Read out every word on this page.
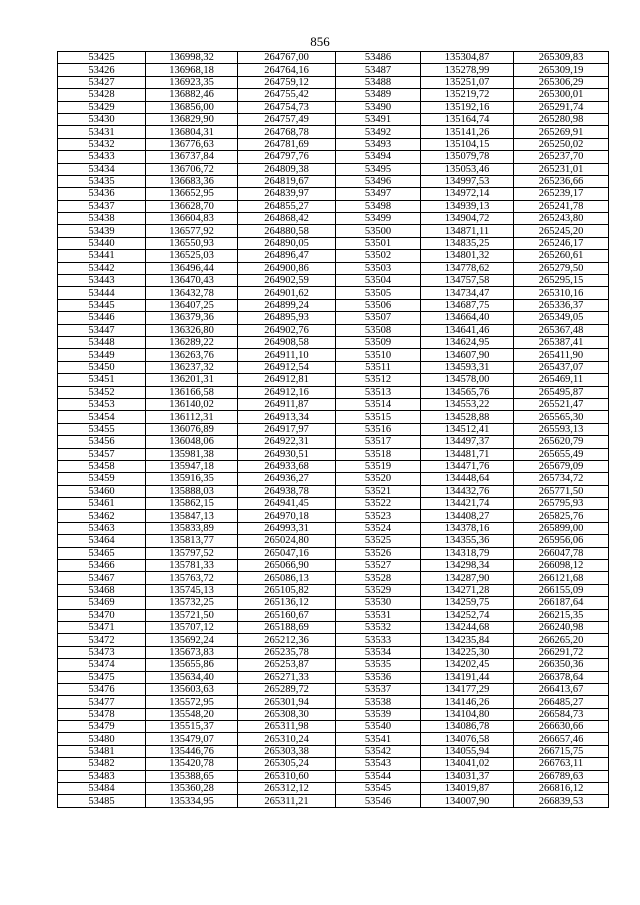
856
53425	136998,32	264767,00	53486	135304,87	265309,83
53426	136968,18	264764,16	53487	135278,99	265309,19
53427	136923,35	264759,12	53488	135251,07	265306,29
53428	136882,46	264755,42	53489	135219,72	265300,01
53429	136856,00	264754,73	53490	135192,16	265291,74
53430	136829,90	264757,49	53491	135164,74	265280,98
53431	136804,31	264768,78	53492	135141,26	265269,91
53432	136776,63	264781,69	53493	135104,15	265250,02
53433	136737,84	264797,76	53494	135079,78	265237,70
53434	136706,72	264809,38	53495	135053,46	265231,01
53435	136683,36	264819,67	53496	134997,53	265236,66
53436	136652,95	264839,97	53497	134972,14	265239,17
53437	136628,70	264855,27	53498	134939,13	265241,78
53438	136604,83	264868,42	53499	134904,72	265243,80
53439	136577,92	264880,58	53500	134871,11	265245,20
53440	136550,93	264890,05	53501	134835,25	265246,17
53441	136525,03	264896,47	53502	134801,32	265260,61
53442	136496,44	264900,86	53503	134778,62	265279,50
53443	136470,43	264902,59	53504	134757,58	265295,15
53444	136432,78	264901,62	53505	134734,47	265310,16
53445	136407,25	264899,24	53506	134687,75	265336,37
53446	136379,36	264895,93	53507	134664,40	265349,05
53447	136326,80	264902,76	53508	134641,46	265367,48
53448	136289,22	264908,58	53509	134624,95	265387,41
53449	136263,76	264911,10	53510	134607,90	265411,90
53450	136237,32	264912,54	53511	134593,31	265437,07
53451	136201,31	264912,81	53512	134578,00	265469,11
53452	136166,58	264912,16	53513	134565,76	265495,87
53453	136140,02	264911,87	53514	134553,22	265521,47
53454	136112,31	264913,34	53515	134528,88	265565,30
53455	136076,89	264917,97	53516	134512,41	265593,13
53456	136048,06	264922,31	53517	134497,37	265620,79
53457	135981,38	264930,51	53518	134481,71	265655,49
53458	135947,18	264933,68	53519	134471,76	265679,09
53459	135916,35	264936,27	53520	134448,64	265734,72
53460	135888,03	264938,78	53521	134432,76	265771,50
53461	135862,15	264941,45	53522	134421,74	265795,93
53462	135847,13	264970,18	53523	134408,27	265825,76
53463	135833,89	264993,31	53524	134378,16	265899,00
53464	135813,77	265024,80	53525	134355,36	265956,06
53465	135797,52	265047,16	53526	134318,79	266047,78
53466	135781,33	265066,90	53527	134298,34	266098,12
53467	135763,72	265086,13	53528	134287,90	266121,68
53468	135745,13	265105,82	53529	134271,28	266155,09
53469	135732,25	265136,12	53530	134259,75	266187,64
53470	135721,50	265160,67	53531	134252,74	266215,35
53471	135707,12	265188,69	53532	134244,68	266240,98
53472	135692,24	265212,36	53533	134235,84	266265,20
53473	135673,83	265235,78	53534	134225,30	266291,72
53474	135655,86	265253,87	53535	134202,45	266350,36
53475	135634,40	265271,33	53536	134191,44	266378,64
53476	135603,63	265289,72	53537	134177,29	266413,67
53477	135572,95	265301,94	53538	134146,26	266485,27
53478	135548,20	265308,30	53539	134104,80	266584,73
53479	135515,37	265311,98	53540	134086,78	266630,66
53480	135479,07	265310,24	53541	134076,58	266657,46
53481	135446,76	265303,38	53542	134055,94	266715,75
53482	135420,78	265305,24	53543	134041,02	266763,11
53483	135388,65	265310,60	53544	134031,37	266789,63
53484	135360,28	265312,12	53545	134019,87	266816,12
53485	135334,95	265311,21	53546	134007,90	266839,53
